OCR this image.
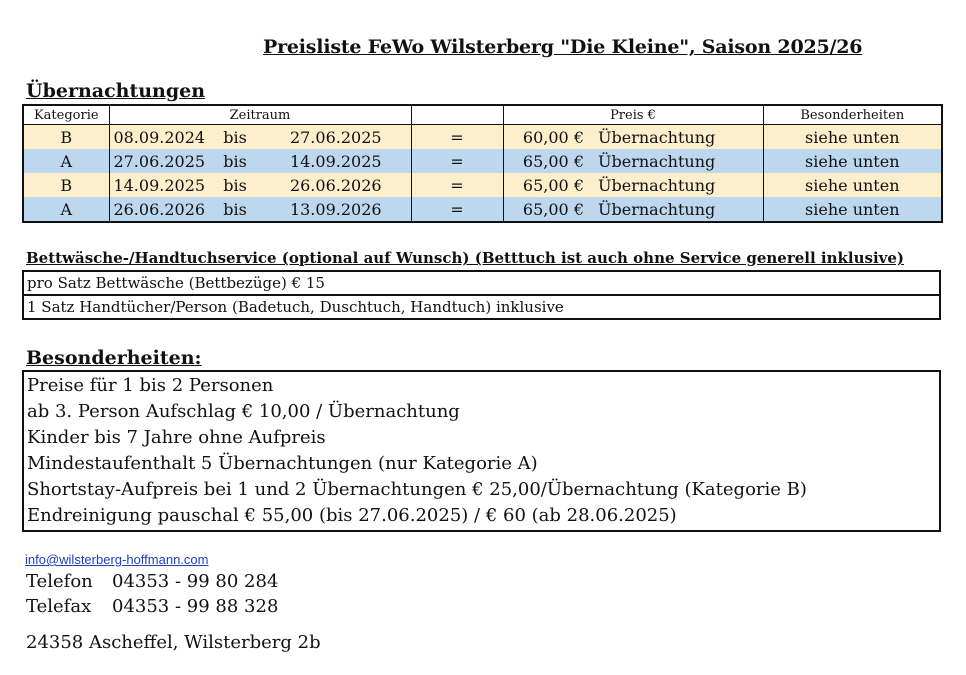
Preisliste FeWo Wilsterberg "Die Kleine", Saison 2025/26
Übernachtungen
Kategorie	Zeitraum				Preis €		Besonderheiten
B	08.09.2024	bis	27.06.2025	=	60,00 €	Übernachtung	siehe unten
A	27.06.2025	bis	14.09.2025	=	65,00 €	Übernachtung	siehe unten
B	14.09.2025	bis	26.06.2026	=	65,00 €	Übernachtung	siehe unten
A	26.06.2026	bis	13.09.2026	=	65,00 €	Übernachtung	siehe unten
Bettwäsche-/Handtuchservice (optional auf Wunsch) (Betttuch ist auch ohne Service generell inklusive)
pro Satz Bettwäsche (Bettbezüge) € 15
1 Satz Handtücher/Person (Badetuch, Duschtuch, Handtuch) inklusive
Besonderheiten:
Preise für 1 bis 2 Personen
ab 3. Person Aufschlag € 10,00 / Übernachtung
Kinder bis 7 Jahre ohne Aufpreis
Mindestaufenthalt 5 Übernachtungen (nur Kategorie A)
Shortstay-Aufpreis bei 1 und 2 Übernachtungen € 25,00/Übernachtung (Kategorie B)
Endreinigung pauschal € 55,00 (bis 27.06.2025) / € 60 (ab 28.06.2025)
info@wilsterberg-hoffmann.com
Telefon 04353 - 99 80 284
Telefax 04353 - 99 88 328
24358 Ascheffel, Wilsterberg 2b
